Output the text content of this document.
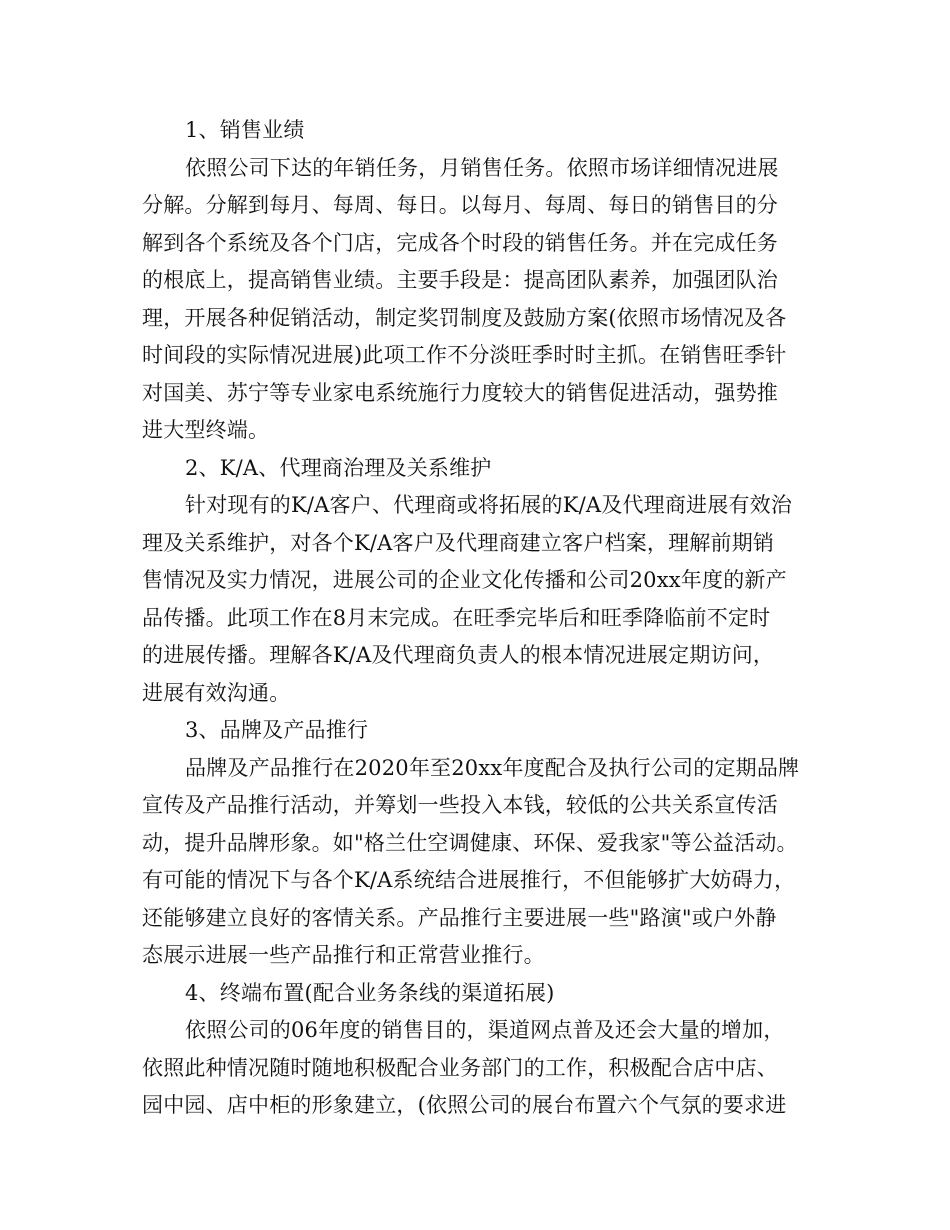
1、销售业绩
依照公司下达的年销任务，月销售任务。依照市场详细情况进展
分解。分解到每月、每周、每日。以每月、每周、每日的销售目的分
解到各个系统及各个门店，完成各个时段的销售任务。并在完成任务
的根底上，提高销售业绩。主要手段是：提高团队素养，加强团队治
理，开展各种促销活动，制定奖罚制度及鼓励方案(依照市场情况及各
时间段的实际情况进展)此项工作不分淡旺季时时主抓。在销售旺季针
对国美、苏宁等专业家电系统施行力度较大的销售促进活动，强势推
进大型终端。
2、K/A、代理商治理及关系维护
针对现有的K/A客户、代理商或将拓展的K/A及代理商进展有效治
理及关系维护，对各个K/A客户及代理商建立客户档案，理解前期销
售情况及实力情况，进展公司的企业文化传播和公司20xx年度的新产
品传播。此项工作在8月末完成。在旺季完毕后和旺季降临前不定时
的进展传播。理解各K/A及代理商负责人的根本情况进展定期访问，
进展有效沟通。
3、品牌及产品推行
品牌及产品推行在2020年至20xx年度配合及执行公司的定期品牌
宣传及产品推行活动，并筹划一些投入本钱，较低的公共关系宣传活
动，提升品牌形象。如"格兰仕空调健康、环保、爱我家"等公益活动。
有可能的情况下与各个K/A系统结合进展推行，不但能够扩大妨碍力，
还能够建立良好的客情关系。产品推行主要进展一些"路演"或户外静
态展示进展一些产品推行和正常营业推行。
4、终端布置(配合业务条线的渠道拓展)
依照公司的06年度的销售目的，渠道网点普及还会大量的增加，
依照此种情况随时随地积极配合业务部门的工作，积极配合店中店、
园中园、店中柜的形象建立，(依照公司的展台布置六个气氛的要求进
